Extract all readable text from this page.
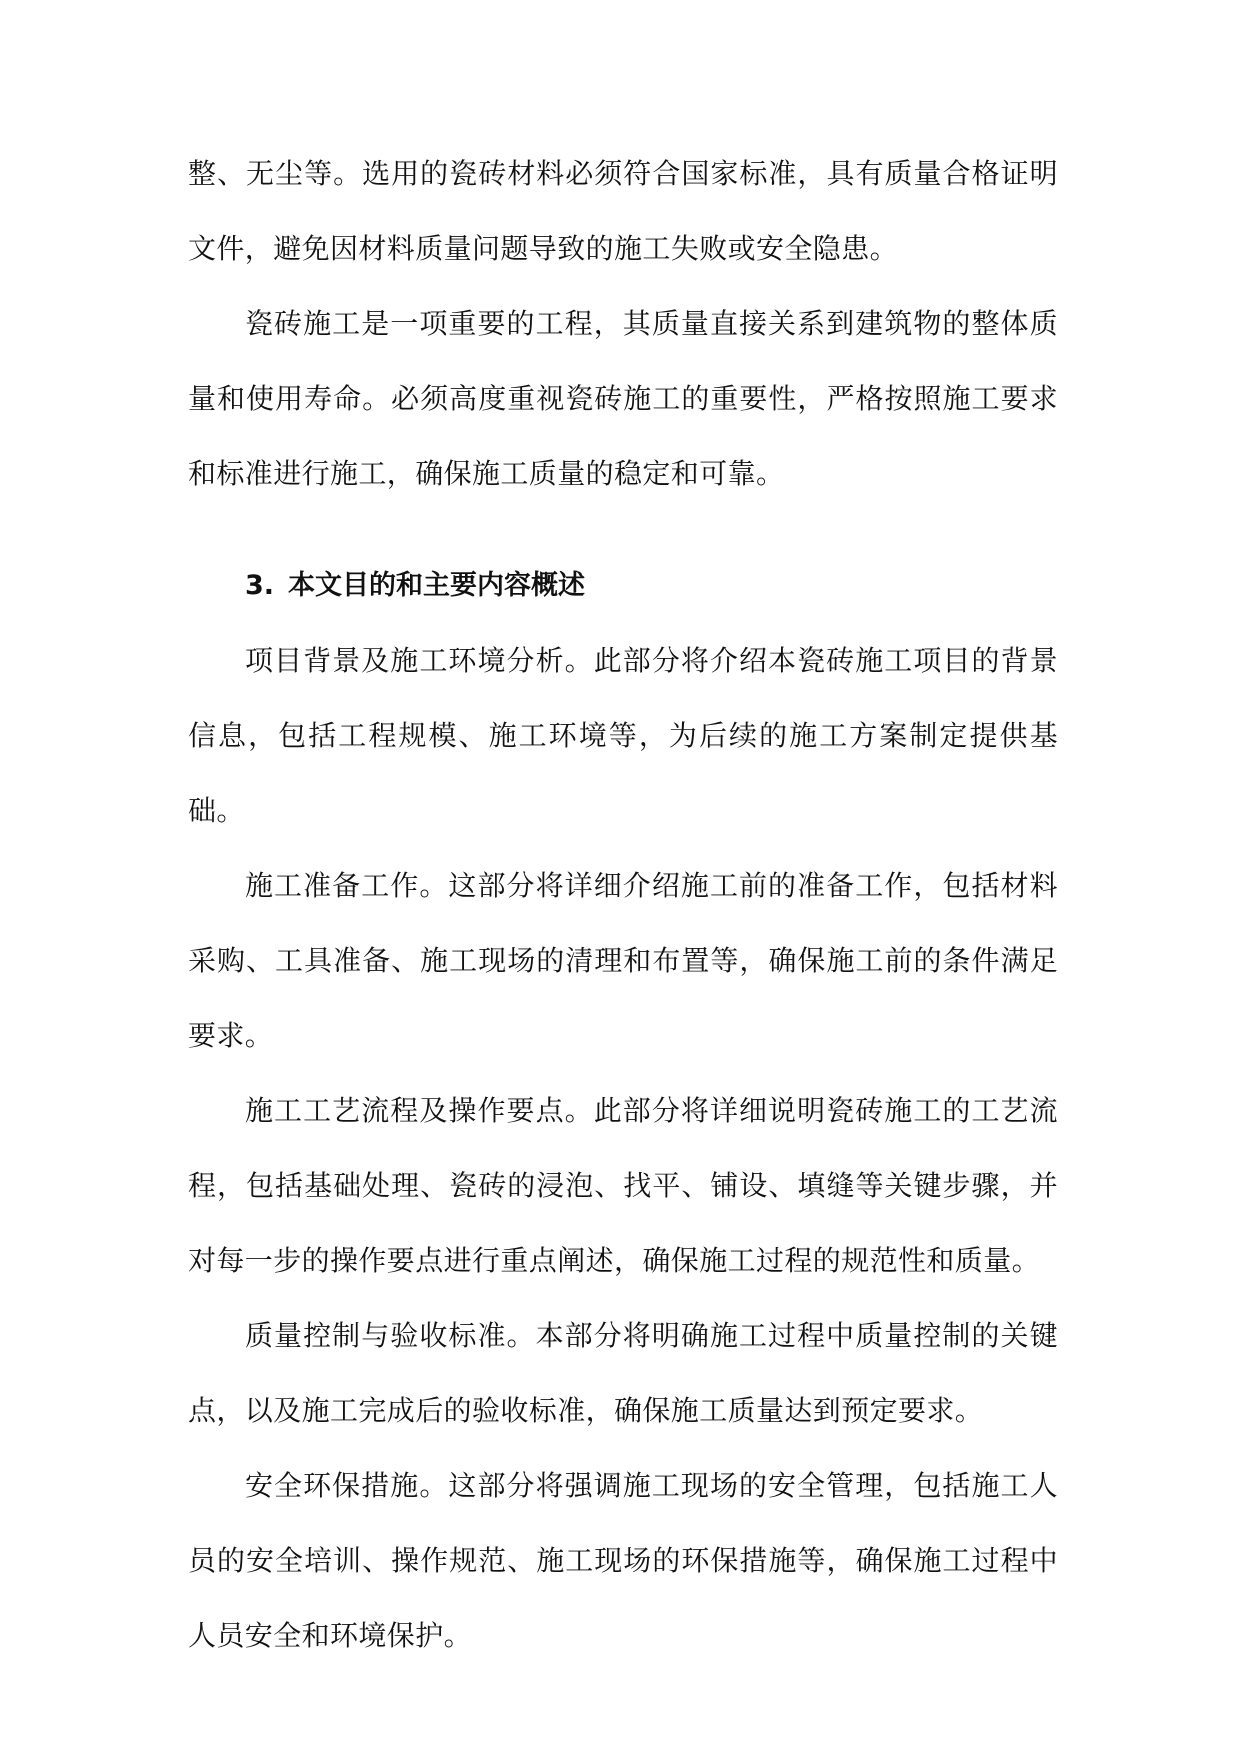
整、无尘等。选用的瓷砖材料必须符合国家标准，具有质量合格证明文件，避免因材料质量问题导致的施工失败或安全隐患。

瓷砖施工是一项重要的工程，其质量直接关系到建筑物的整体质量和使用寿命。必须高度重视瓷砖施工的重要性，严格按照施工要求和标准进行施工，确保施工质量的稳定和可靠。

3. 本文目的和主要内容概述

项目背景及施工环境分析。此部分将介绍本瓷砖施工项目的背景信息，包括工程规模、施工环境等，为后续的施工方案制定提供基础。

施工准备工作。这部分将详细介绍施工前的准备工作，包括材料采购、工具准备、施工现场的清理和布置等，确保施工前的条件满足要求。

施工工艺流程及操作要点。此部分将详细说明瓷砖施工的工艺流程，包括基础处理、瓷砖的浸泡、找平、铺设、填缝等关键步骤，并对每一步的操作要点进行重点阐述，确保施工过程的规范性和质量。

质量控制与验收标准。本部分将明确施工过程中质量控制的关键点，以及施工完成后的验收标准，确保施工质量达到预定要求。

安全环保措施。这部分将强调施工现场的安全管理，包括施工人员的安全培训、操作规范、施工现场的环保措施等，确保施工过程中人员安全和环境保护。
